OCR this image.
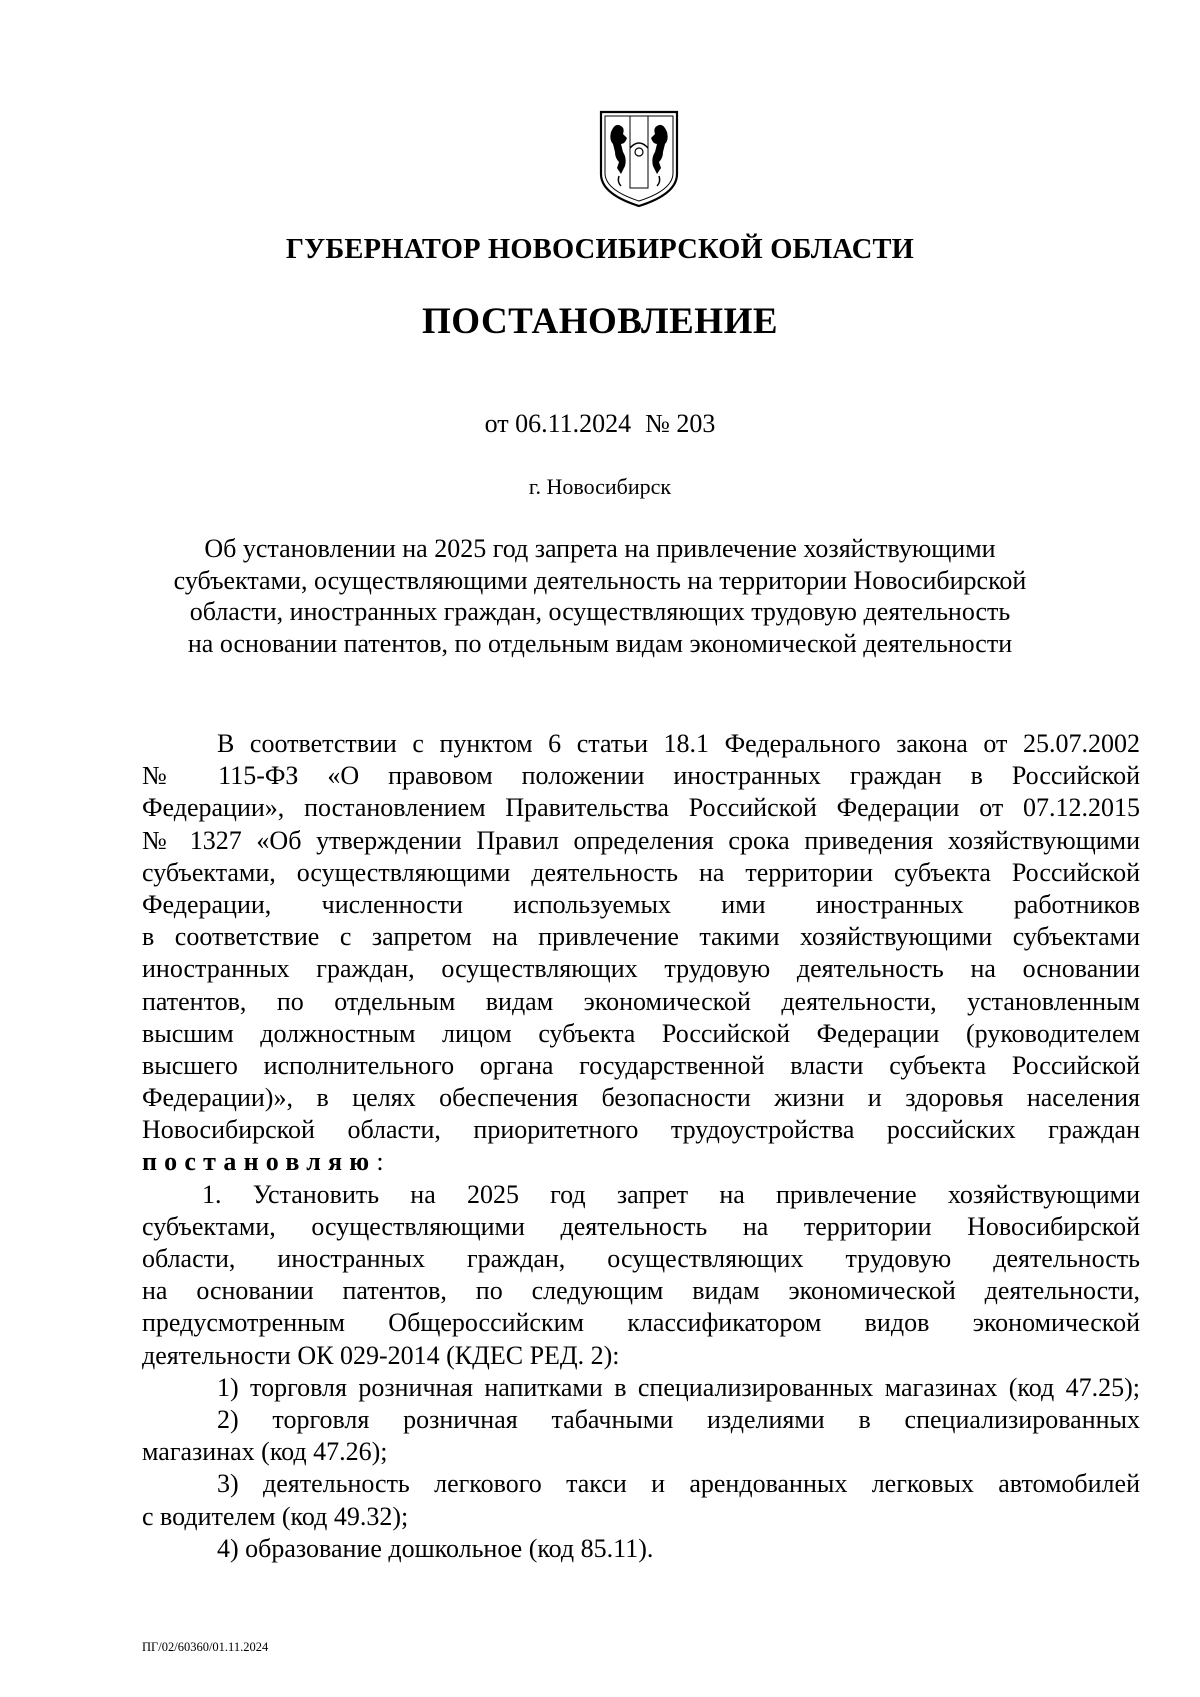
ГУБЕРНАТОР НОВОСИБИРСКОЙ ОБЛАСТИ
ПОСТАНОВЛЕНИЕ
от 06.11.2024 № 203
г. Новосибирск
Об установлении на 2025 год запрета на привлечение хозяйствующими
субъектами, осуществляющими деятельность на территории Новосибирской
области, иностранных граждан, осуществляющих трудовую деятельность
на основании патентов, по отдельным видам экономической деятельности
В соответствии с пунктом 6 статьи 18.1 Федерального закона от 25.07.2002
№ 115-ФЗ «О правовом положении иностранных граждан в Российской
Федерации», постановлением Правительства Российской Федерации от 07.12.2015
№ 1327 «Об утверждении Правил определения срока приведения хозяйствующими
субъектами, осуществляющими деятельность на территории субъекта Российской
Федерации, численности используемых ими иностранных работников
в соответствие с запретом на привлечение такими хозяйствующими субъектами
иностранных граждан, осуществляющих трудовую деятельность на основании
патентов, по отдельным видам экономической деятельности, установленным
высшим должностным лицом субъекта Российской Федерации (руководителем
высшего исполнительного органа государственной власти субъекта Российской
Федерации)», в целях обеспечения безопасности жизни и здоровья населения
Новосибирской области, приоритетного трудоустройства российских граждан
постановляю:
1. Установить на 2025 год запрет на привлечение хозяйствующими
субъектами, осуществляющими деятельность на территории Новосибирской
области, иностранных граждан, осуществляющих трудовую деятельность
на основании патентов, по следующим видам экономической деятельности,
предусмотренным Общероссийским классификатором видов экономической
деятельности ОК 029-2014 (КДЕС РЕД. 2):
1) торговля розничная напитками в специализированных магазинах (код 47.25);
2) торговля розничная табачными изделиями в специализированных
магазинах (код 47.26);
3) деятельность легкового такси и арендованных легковых автомобилей
с водителем (код 49.32);
4) образование дошкольное (код 85.11).
ПГ/02/60360/01.11.2024
